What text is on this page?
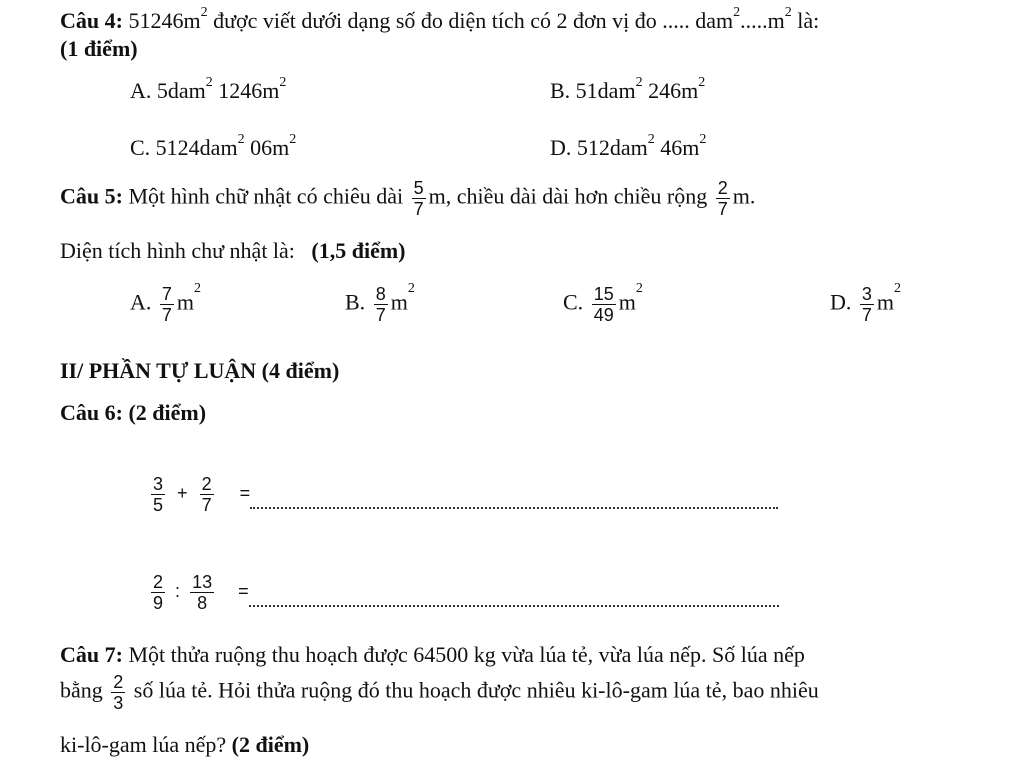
Câu 4: $51246m^2$ được viết dưới dạng số đo diện tích có 2 đơn vị đo ..... $dam^2.....m^2$ là:
(1 điểm)
A. 5dam$^2$ $1246m^2$	B. 51dam$^2$ $246m^2$
C. 5124dam$^2$ $06m^2$	D. 512dam$^2$ $46m^2$
Câu 5: Một hình chữ nhật có chiêu dài $\frac{5}{7} m$, chiều dài dài hơn chiều rộng $\frac{2}{7} m$.
Diện tích hình chư nhật là: (1,5 điểm)
A. $\frac{7}{7} m^2$
B. $\frac{8}{7} m^2$
C. $\frac{15}{49} m^2$
D. $\frac{3}{7} m^2$
II/ PHẦN TỰ LUẬN (4 điểm)
Câu 6: (2 điểm)
$\frac{3}{5} + \frac{2}{7}$ =
$\frac{2}{9}$ : $\frac{13}{8}$ =
Câu 7: Một thửa ruộng thu hoạch được 64500 kg vừa lúa tẻ, vừa lúa nếp. Số lúa nếp
bằng $\frac{2}{3}$ số lúa tẻ. Hỏi thửa ruộng đó thu hoạch được nhiêu ki-lô-gam lúa tẻ, bao nhiêu
ki-lô-gam lúa nếp? (2 điểm)
